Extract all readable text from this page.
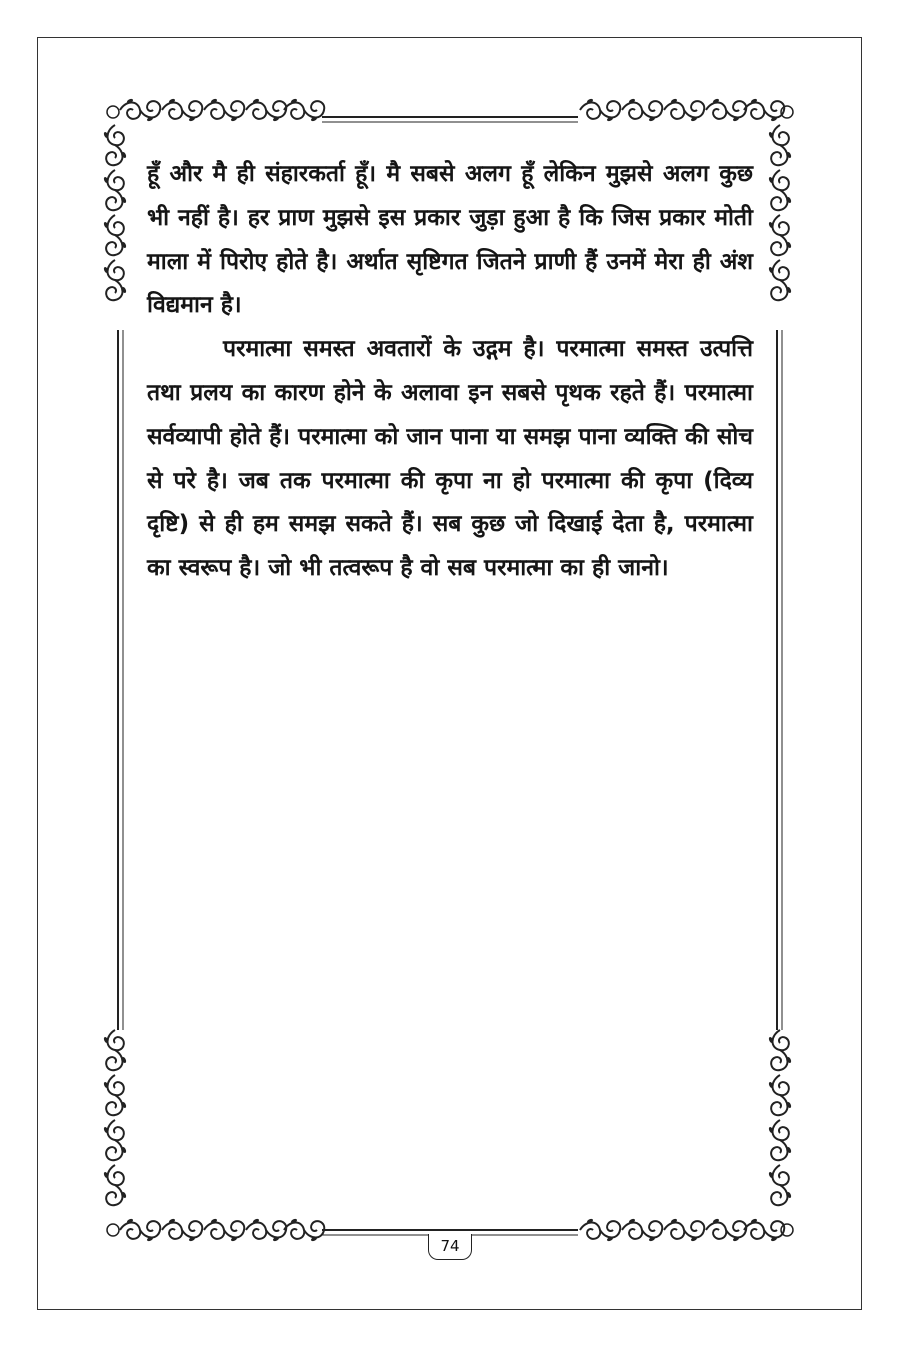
हूँ और मै ही संहारकर्ता हूँ। मै सबसे अलग हूँ लेकिन मुझसे अलग कुछ भी नहीं है। हर प्राण मुझसे इस प्रकार जुड़ा हुआ है कि जिस प्रकार मोती माला में पिरोए होते है। अर्थात सृष्टिगत जितने प्राणी हैं उनमें मेरा ही अंश विद्यमान है।

परमात्मा समस्त अवतारों के उद्गम है। परमात्मा समस्त उत्पत्ति तथा प्रलय का कारण होने के अलावा इन सबसे पृथक रहते हैं। परमात्मा सर्वव्यापी होते हैं। परमात्मा को जान पाना या समझ पाना व्यक्ति की सोच से परे है। जब तक परमात्मा की कृपा ना हो परमात्मा की कृपा (दिव्य दृष्टि) से ही हम समझ सकते हैं। सब कुछ जो दिखाई देता है, परमात्मा का स्वरूप है। जो भी तत्वरूप है वो सब परमात्मा का ही जानो।

74
